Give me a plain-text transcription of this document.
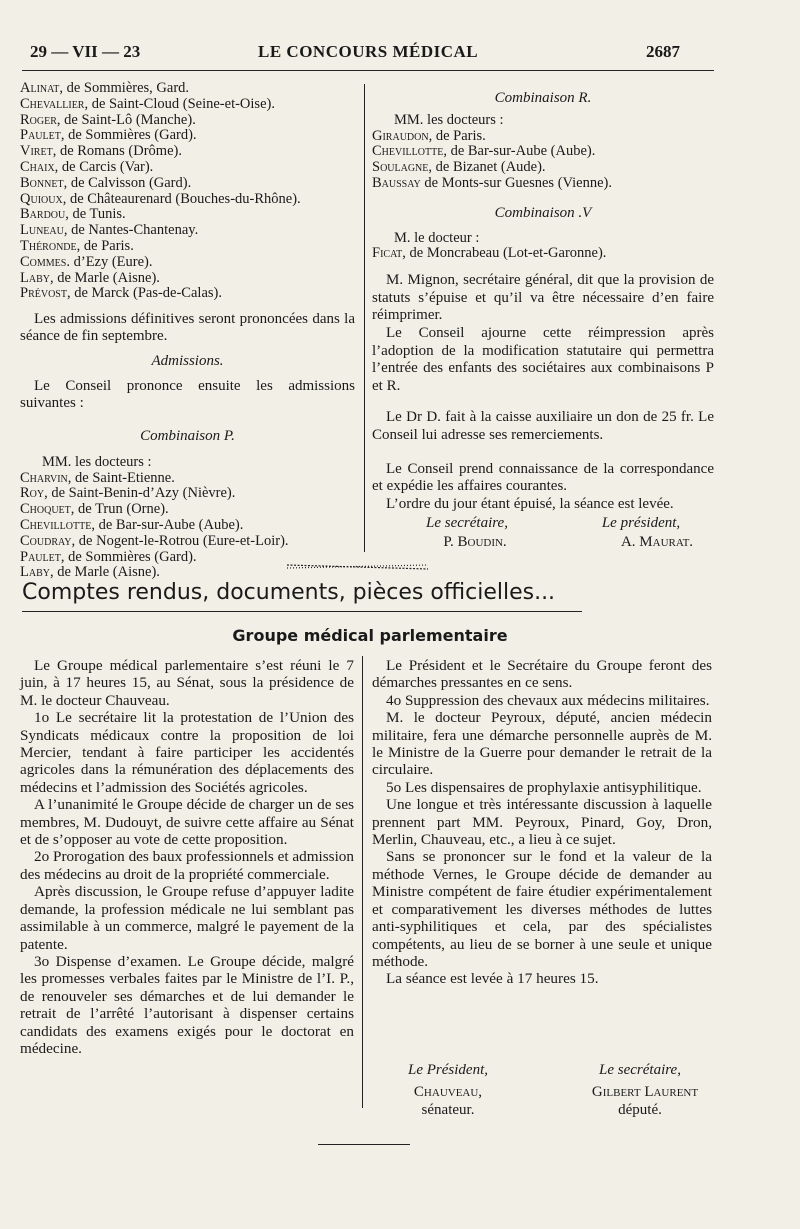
29 — VII — 23	LE CONCOURS MÉDICAL	2687
Alinat, de Sommières, Gard.
Chevallier, de Saint-Cloud (Seine-et-Oise).
Roger, de Saint-Lô (Manche).
Paulet, de Sommières (Gard).
Viret, de Romans (Drôme).
Chaix, de Carcis (Var).
Bonnet, de Calvisson (Gard).
Quioux, de Châteaurenard (Bouches-du-Rhône).
Bardou, de Tunis.
Luneau, de Nantes-Chantenay.
Théronde, de Paris.
Commes. d’Ezy (Eure).
Laby, de Marle (Aisne).
Prévost, de Marck (Pas-de-Calas).
Les admissions définitives seront prononcées dans la séance de fin septembre.
Admissions.
Le Conseil prononce ensuite les admissions suivantes :
Combinaison P.
MM. les docteurs :
Charvin, de Saint-Etienne.
Roy, de Saint-Benin-d’Azy (Nièvre).
Choquet, de Trun (Orne).
Chevillotte, de Bar-sur-Aube (Aube).
Coudray, de Nogent-le-Rotrou (Eure-et-Loir).
Paulet, de Sommières (Gard).
Laby, de Marle (Aisne).
Combinaison R.
MM. les docteurs :
Giraudon, de Paris.
Chevillotte, de Bar-sur-Aube (Aube).
Soulagne, de Bizanet (Aude).
Baussay de Monts-sur Guesnes (Vienne).
Combinaison .V
M. le docteur :
Ficat, de Moncrabeau (Lot-et-Garonne).
M. Mignon, secrétaire général, dit que la provision de statuts s’épuise et qu’il va être nécessaire d’en faire réimprimer.
Le Conseil ajourne cette réimpression après l’adoption de la modification statutaire qui permettra l’entrée des enfants des sociétaires aux combinaisons P et R.
Le Dr D. fait à la caisse auxiliaire un don de 25 fr. Le Conseil lui adresse ses remerciements.
Le Conseil prend connaissance de la correspondance et expédie les affaires courantes.
L’ordre du jour étant épuisé, la séance est levée.
Le secrétaire,
P. Boudin.
Le président,
A. Maurat.
Comptes rendus, documents, pièces officielles...
Groupe médical parlementaire

Le Groupe médical parlementaire s’est réuni le 7 juin, à 17 heures 15, au Sénat, sous la présidence de M. le docteur Chauveau.

1o Le secrétaire lit la protestation de l’Union des Syndicats médicaux contre la proposition de loi Mercier, tendant à faire participer les accidentés agricoles dans la rémunération des déplacements des médecins et l’admission des Sociétés agricoles.

A l’unanimité le Groupe décide de charger un de ses membres, M. Dudouyt, de suivre cette affaire au Sénat et de s’opposer au vote de cette proposition.

2o Prorogation des baux professionnels et admission des médecins au droit de la propriété commerciale.

Après discussion, le Groupe refuse d’appuyer ladite demande, la profession médicale ne lui semblant pas assimilable à un commerce, malgré le payement de la patente.

3o Dispense d’examen. Le Groupe décide, malgré les promesses verbales faites par le Ministre de l’I. P., de renouveler ses démarches et de lui demander le retrait de l’arrêté l’autorisant à dispenser certains candidats des examens exigés pour le doctorat en médecine.

Le Président et le Secrétaire du Groupe feront des démarches pressantes en ce sens.

4o Suppression des chevaux aux médecins militaires.

M. le docteur Peyroux, député, ancien médecin militaire, fera une démarche personnelle auprès de M. le Ministre de la Guerre pour demander le retrait de la circulaire.

5o Les dispensaires de prophylaxie antisyphilitique.

Une longue et très intéressante discussion à laquelle prennent part MM. Peyroux, Pinard, Goy, Dron, Merlin, Chauveau, etc., a lieu à ce sujet.

Sans se prononcer sur le fond et la valeur de la méthode Vernes, le Groupe décide de demander au Ministre compétent de faire étudier expérimentalement et comparativement les diverses méthodes de luttes anti-syphilitiques et cela, par des spécialistes compétents, au lieu de se borner à une seule et unique méthode.

La séance est levée à 17 heures 15.

Le Président,
Chauveau,
sénateur.
Le secrétaire,
Gilbert Laurent
député.
